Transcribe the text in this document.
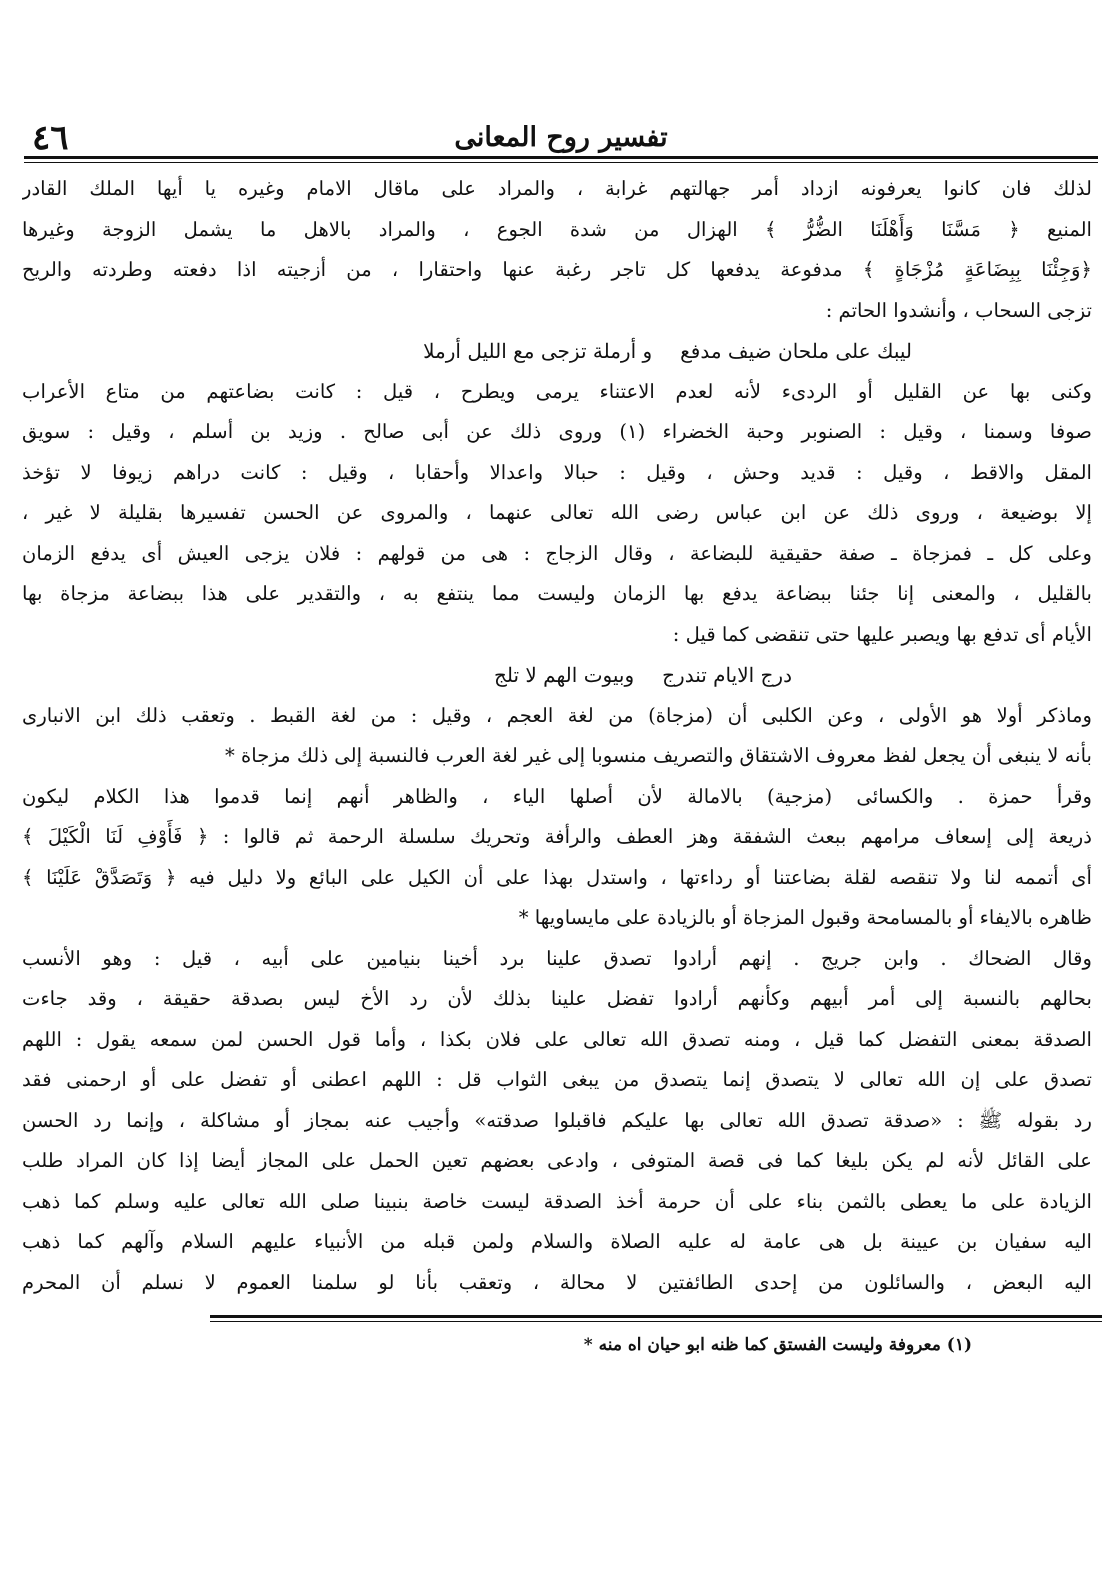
٤٦	تفسير روح المعانى
لذلك فان كانوا يعرفونه ازداد أمر جهالتهم غرابة ، والمراد على ماقال الامام وغيره يا أيها الملك القادر
المنيع ﴿ مَسَّنَا وَأَهْلَنَا الضُّرُّ ﴾ الهزال من شدة الجوع ، والمراد بالاهل ما يشمل الزوجة وغيرها
﴿وَجِئْنَا بِبِضَاعَةٍ مُزْجَاةٍ ﴾ مدفوعة يدفعها كل تاجر رغبة عنها واحتقارا ، من أزجيته اذا دفعته وطردته والريح
تزجى السحاب ، وأنشدوا الحاتم :
ليبك على ملحان ضيف مدفع
و أرملة تزجى مع الليل أرملا
وكنى بها عن القليل أو الردىء لأنه لعدم الاعتناء يرمى ويطرح ، قيل : كانت بضاعتهم من متاع الأعراب
صوفا وسمنا ، وقيل : الصنوبر وحبة الخضراء (١) وروى ذلك عن أبى صالح . وزيد بن أسلم ، وقيل : سويق
المقل والاقط ، وقيل : قديد وحش ، وقيل : حبالا واعدالا وأحقابا ، وقيل : كانت دراهم زيوفا لا تؤخذ
إلا بوضيعة ، وروى ذلك عن ابن عباس رضى الله تعالى عنهما ، والمروى عن الحسن تفسيرها بقليلة لا غير ،
وعلى كل ـ فمزجاة ـ صفة حقيقية للبضاعة ، وقال الزجاج : هى من قولهم : فلان يزجى العيش أى يدفع الزمان
بالقليل ، والمعنى إنا جئنا ببضاعة يدفع بها الزمان وليست مما ينتفع به ، والتقدير على هذا ببضاعة مزجاة بها
الأيام أى تدفع بها ويصبر عليها حتى تنقضى كما قيل :
درج الايام تندرج
وبيوت الهم لا تلج
وماذكر أولا هو الأولى ، وعن الكلبى أن (مزجاة) من لغة العجم ، وقيل : من لغة القبط . وتعقب ذلك ابن الانبارى
بأنه لا ينبغى أن يجعل لفظ معروف الاشتقاق والتصريف منسوبا إلى غير لغة العرب فالنسبة إلى ذلك مزجاة *
وقرأ حمزة . والكسائى (مزجية) بالامالة لأن أصلها الياء ، والظاهر أنهم إنما قدموا هذا الكلام ليكون
ذريعة إلى إسعاف مرامهم ببعث الشفقة وهز العطف والرأفة وتحريك سلسلة الرحمة ثم قالوا : ﴿ فَأَوْفِ لَنَا الْكَيْلَ ﴾
أى أتممه لنا ولا تنقصه لقلة بضاعتنا أو رداءتها ، واستدل بهذا على أن الكيل على البائع ولا دليل فيه ﴿ وَتَصَدَّقْ عَلَيْنَا ﴾
ظاهره بالايفاء أو بالمسامحة وقبول المزجاة أو بالزيادة على مايساويها *
وقال الضحاك . وابن جريج . إنهم أرادوا تصدق علينا برد أخينا بنيامين على أبيه ، قيل : وهو الأنسب
بحالهم بالنسبة إلى أمر أبيهم وكأنهم أرادوا تفضل علينا بذلك لأن رد الأخ ليس بصدقة حقيقة ، وقد جاءت
الصدقة بمعنى التفضل كما قيل ، ومنه تصدق الله تعالى على فلان بكذا ، وأما قول الحسن لمن سمعه يقول : اللهم
تصدق على إن الله تعالى لا يتصدق إنما يتصدق من يبغى الثواب قل : اللهم اعطنى أو تفضل على أو ارحمنى فقد
رد بقوله ﷺ : «صدقة تصدق الله تعالى بها عليكم فاقبلوا صدقته» وأجيب عنه بمجاز أو مشاكلة ، وإنما رد الحسن
على القائل لأنه لم يكن بليغا كما فى قصة المتوفى ، وادعى بعضهم تعين الحمل على المجاز أيضا إذا كان المراد طلب
الزيادة على ما يعطى بالثمن بناء على أن حرمة أخذ الصدقة ليست خاصة بنبينا صلى الله تعالى عليه وسلم كما ذهب
اليه سفيان بن عيينة بل هى عامة له عليه الصلاة والسلام ولمن قبله من الأنبياء عليهم السلام وآلهم كما ذهب
اليه البعض ، والسائلون من إحدى الطائفتين لا محالة ، وتعقب بأنا لو سلمنا العموم لا نسلم أن المحرم
(١) معروفة وليست الفستق كما ظنه ابو حيان اه منه *
